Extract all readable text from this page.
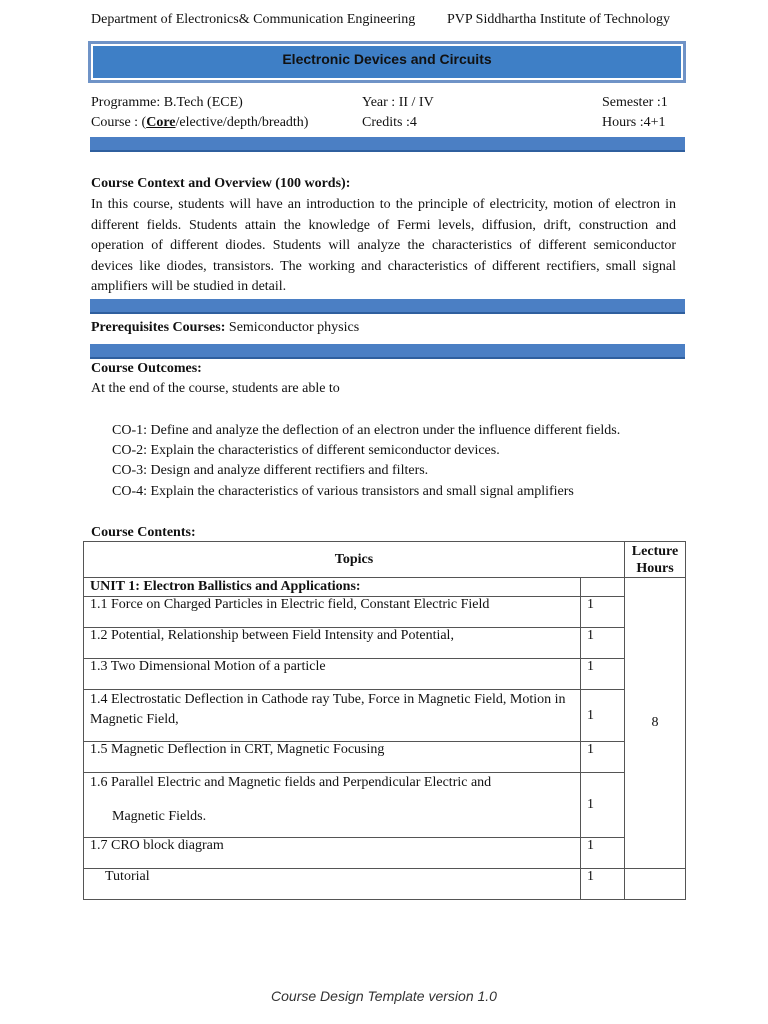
Department of Electronics& Communication Engineering PVP Siddhartha Institute of Technology
Electronic Devices and Circuits
Programme: B.Tech (ECE)	Year : II / IV	Semester :1
Course : (Core/elective/depth/breadth)	Credits :4	Hours :4+1
Course Context and Overview (100 words):
In this course, students will have an introduction to the principle of electricity, motion of electron in different fields. Students attain the knowledge of Fermi levels, diffusion, drift, construction and operation of different diodes. Students will analyze the characteristics of different semiconductor devices like diodes, transistors. The working and characteristics of different rectifiers, small signal amplifiers will be studied in detail.
Prerequisites Courses: Semiconductor physics
Course Outcomes:
At the end of the course, students are able to
CO-1: Define and analyze the deflection of an electron under the influence different fields.
CO-2: Explain the characteristics of different semiconductor devices.
CO-3: Design and analyze different rectifiers and filters.
CO-4: Explain the characteristics of various transistors and small signal amplifiers
Course Contents:
Topics		Lecture
Hours

UNIT 1: Electron Ballistics and Applications:		8
1.1 Force on Charged Particles in Electric field, Constant Electric Field	1	
1.2 Potential, Relationship between Field Intensity and Potential,	1	
1.3 Two Dimensional Motion of a particle	1	
1.4 Electrostatic Deflection in Cathode ray Tube, Force in Magnetic Field, Motion in Magnetic Field,	1	
1.5 Magnetic Deflection in CRT, Magnetic Focusing	1	

1.6 Parallel Electric and Magnetic fields and Perpendicular Electric and
Magnetic Fields.	1	
1.7 CRO block diagram	1	
Tutorial	1	
Course Design Template version 1.0
